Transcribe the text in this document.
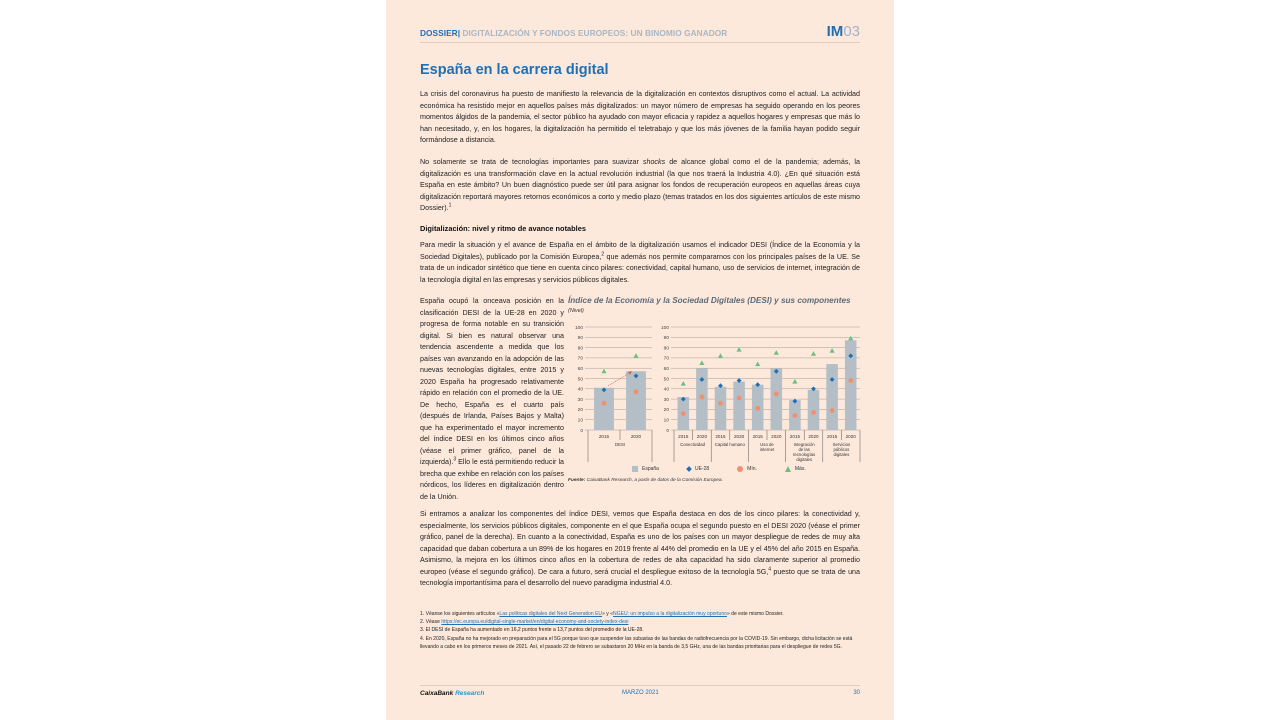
DOSSIER| DIGITALIZACIÓN Y FONDOS EUROPEOS: UN BINOMIO GANADOR	IM03
España en la carrera digital
La crisis del coronavirus ha puesto de manifiesto la relevancia de la digitalización en contextos disruptivos como el actual. La actividad económica ha resistido mejor en aquellos países más digitalizados: un mayor número de empresas ha seguido operando en los peores momentos álgidos de la pandemia, el sector público ha ayudado con mayor eficacia y rapidez a aquellos hogares y empresas que más lo han necesitado, y, en los hogares, la digitalización ha permitido el teletrabajo y que los más jóvenes de la familia hayan podido seguir formándose a distancia.
No solamente se trata de tecnologías importantes para suavizar shocks de alcance global como el de la pandemia; además, la digitalización es una transformación clave en la actual revolución industrial (la que nos traerá la Industria 4.0). ¿En qué situación está España en este ámbito? Un buen diagnóstico puede ser útil para asignar los fondos de recuperación europeos en aquellas áreas cuya digitalización reportará mayores retornos económicos a corto y medio plazo (temas tratados en los dos siguientes artículos de este mismo Dossier).$^1$
Digitalización: nivel y ritmo de avance notables
Para medir la situación y el avance de España en el ámbito de la digitalización usamos el indicador DESI (Índice de la Economía y la Sociedad Digitales), publicado por la Comisión Europea,$^2$ que además nos permite compararnos con los principales países de la UE. Se trata de un indicador sintético que tiene en cuenta cinco pilares: conectividad, capital humano, uso de servicios de internet, integración de la tecnología digital en las empresas y servicios públicos digitales.
España ocupó la onceava posición en la clasificación DESI de la UE-28 en 2020 y progresa de forma notable en su transición digital. Si bien es natural observar una tendencia ascendente a medida que los países van avanzando en la adopción de las nuevas tecnologías digitales, entre 2015 y 2020 España ha progresado relativamente rápido en relación con el promedio de la UE. De hecho, España es el cuarto país (después de Irlanda, Países Bajos y Malta) que ha experimentado el mayor incremento del índice DESI en los últimos cinco años (véase el primer gráfico, panel de la izquierda).$^3$ Ello le está permitiendo reducir la brecha que exhibe en relación con los países nórdicos, los líderes en digitalización dentro de la Unión.
Índice de la Economía y la Sociedad Digitales (DESI) y sus componentes
(Nivel)
0
10
20
30
40
50
60
70
80
90
100
2015	2020
DESI
0
10
20
30
40
50
60
70
80
90
100
2015 2020
Conectividad
2015 2020
Capital humano
2015 2020
Uso de
internet
2015 2020
Integración
de las
tecnologías
digitales
2015 2020
Servicios
públicos
digitales
España	UE-28	Mín.	Máx.
Fuente: CaixaBank Research, a partir de datos de la Comisión Europea.
Si entramos a analizar los componentes del índice DESI, vemos que España destaca en dos de los cinco pilares: la conectividad y, especialmente, los servicios públicos digitales, componente en el que España ocupa el segundo puesto en el DESI 2020 (véase el primer gráfico, panel de la derecha). En cuanto a la conectividad, España es uno de los países con un mayor despliegue de redes de muy alta capacidad que daban cobertura a un 89% de los hogares en 2019 frente al 44% del promedio en la UE y el 45% del año 2015 en España. Asimismo, la mejora en los últimos cinco años en la cobertura de redes de alta capacidad ha sido claramente superior al promedio europeo (véase el segundo gráfico). De cara a futuro, será crucial el despliegue exitoso de la tecnología 5G,$^4$ puesto que se trata de una tecnología importantísima para el desarrollo del nuevo paradigma industrial 4.0.
1. Véanse los siguientes artículos «Las políticas digitales del Next Generation EU» y «NGEU: un impulso a la digitalización muy oportuno» de este mismo Dossier.
2. Véase https://ec.europa.eu/digital-single-market/en/digital-economy-and-society-index-desi
3. El DESI de España ha aumentado en 16,2 puntos frente a 13,7 puntos del promedio de la UE-28.
4. En 2020, España no ha mejorado en preparación para el 5G porque tuvo que suspender las subastas de las bandas de radiofrecuencia por la COVID-19. Sin embargo, dicha licitación se está llevando a cabo en los primeros meses de 2021. Así, el pasado 22 de febrero se subastaron 20 MHz en la banda de 3,5 GHz, una de las bandas prioritarias para el despliegue de redes 5G.
CaixaBank Research	MARZO 2021	30
